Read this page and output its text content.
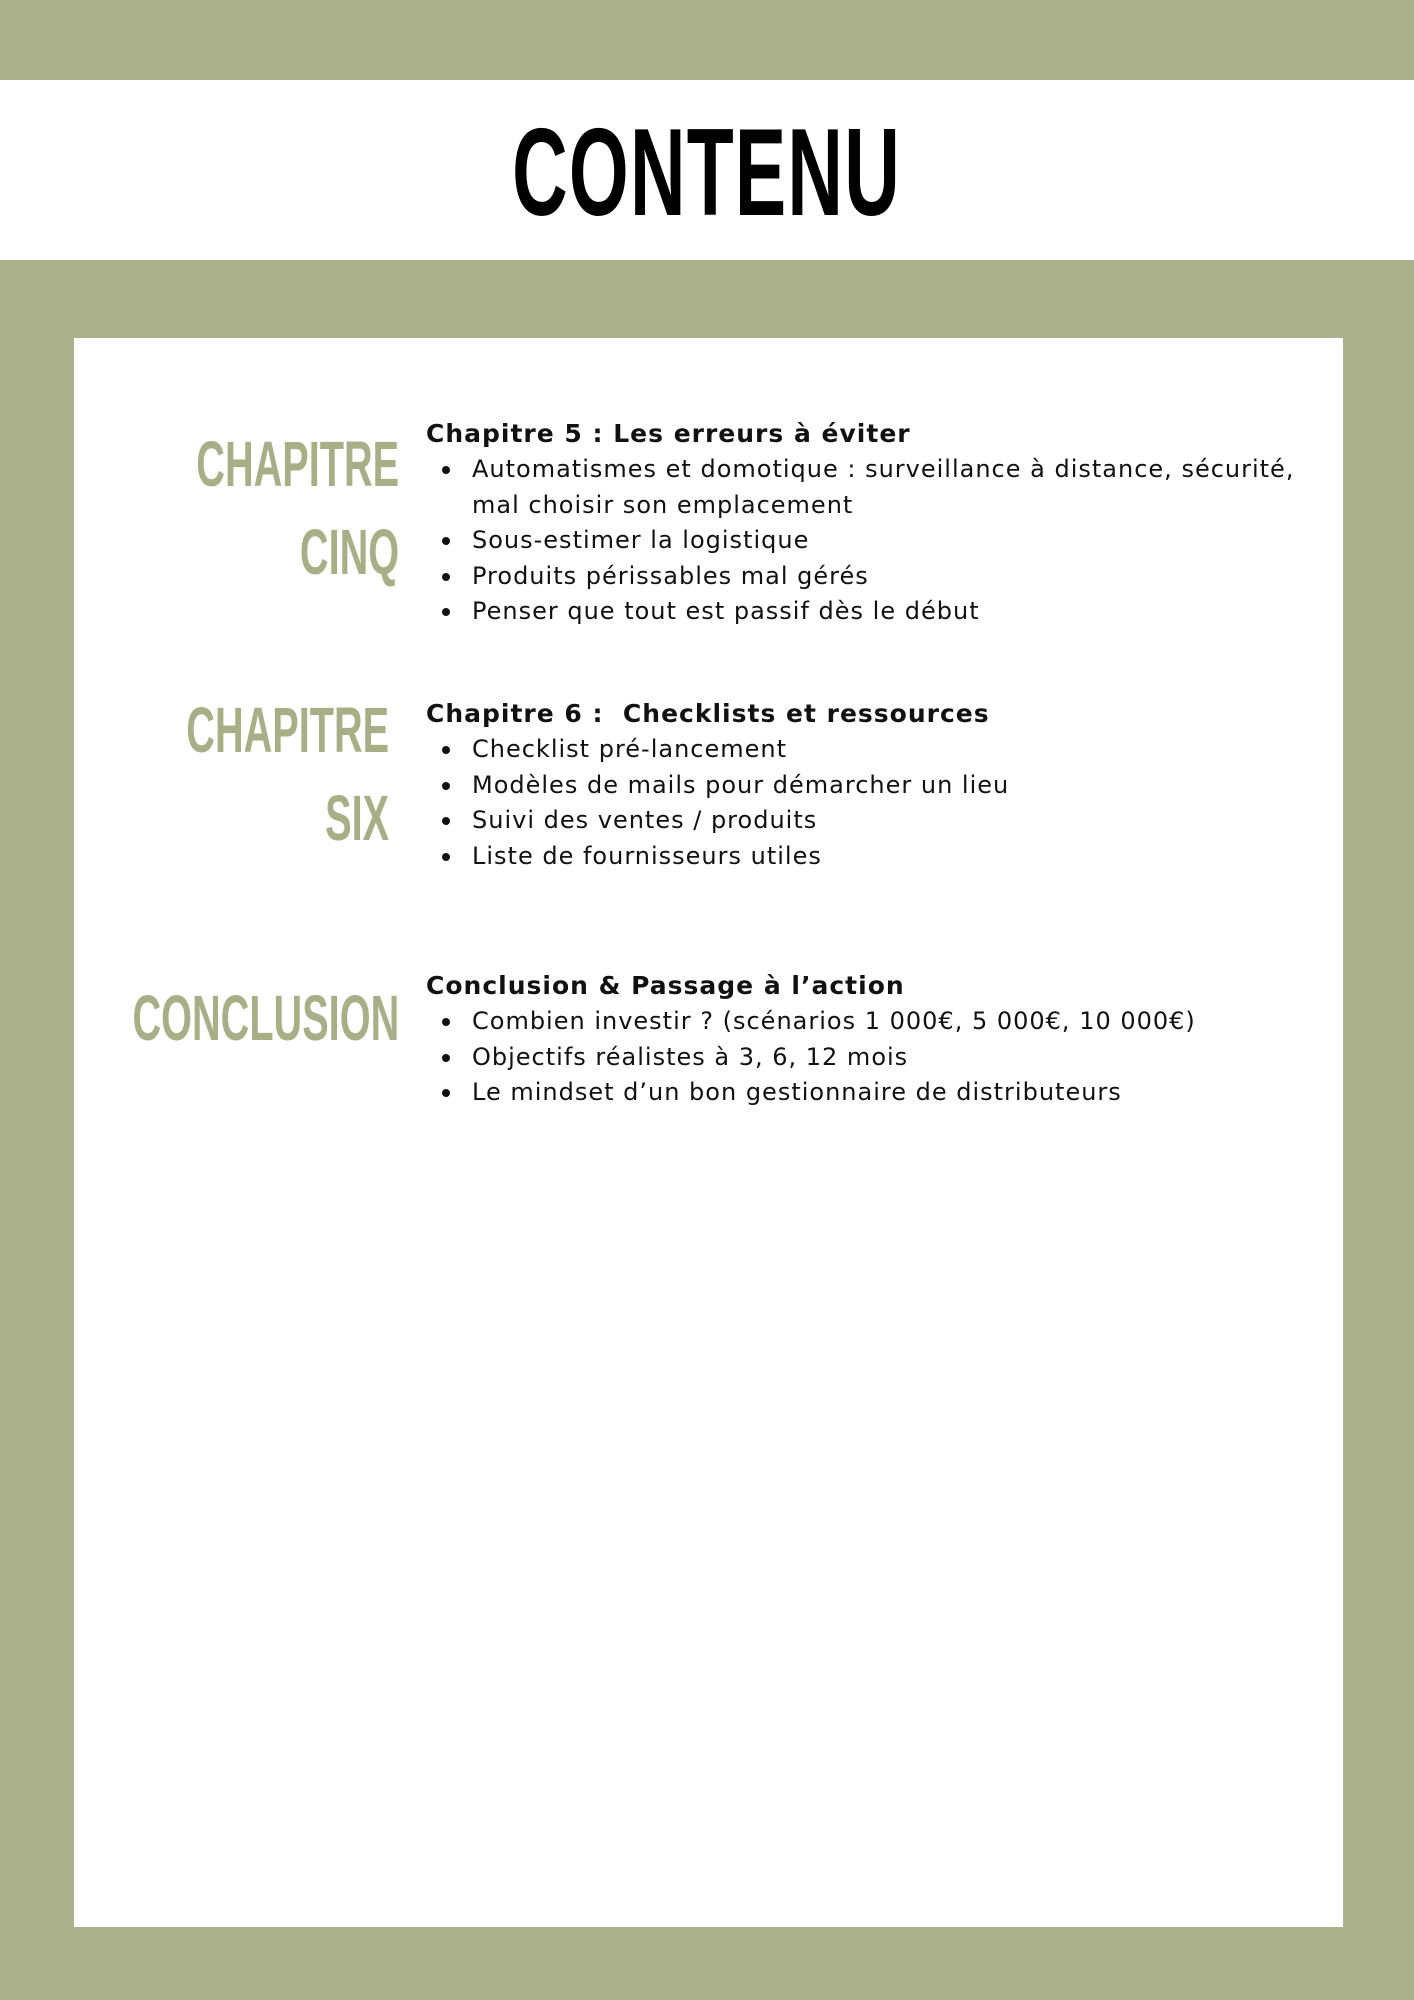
CONTENU
CHAPITRE
CINQ

Chapitre 5 : Les erreurs à éviter

Automatismes et domotique : surveillance à distance, sécurité, mal choisir son emplacement
Sous-estimer la logistique
Produits périssables mal gérés
Penser que tout est passif dès le début
CHAPITRE
SIX

Chapitre 6 :  Checklists et ressources

Checklist pré-lancement
Modèles de mails pour démarcher un lieu
Suivi des ventes / produits
Liste de fournisseurs utiles
CONCLUSION Conclusion & Passage à l’action

Combien investir ? (scénarios 1 000€, 5 000€, 10 000€)
Objectifs réalistes à 3, 6, 12 mois
Le mindset d’un bon gestionnaire de distributeurs
